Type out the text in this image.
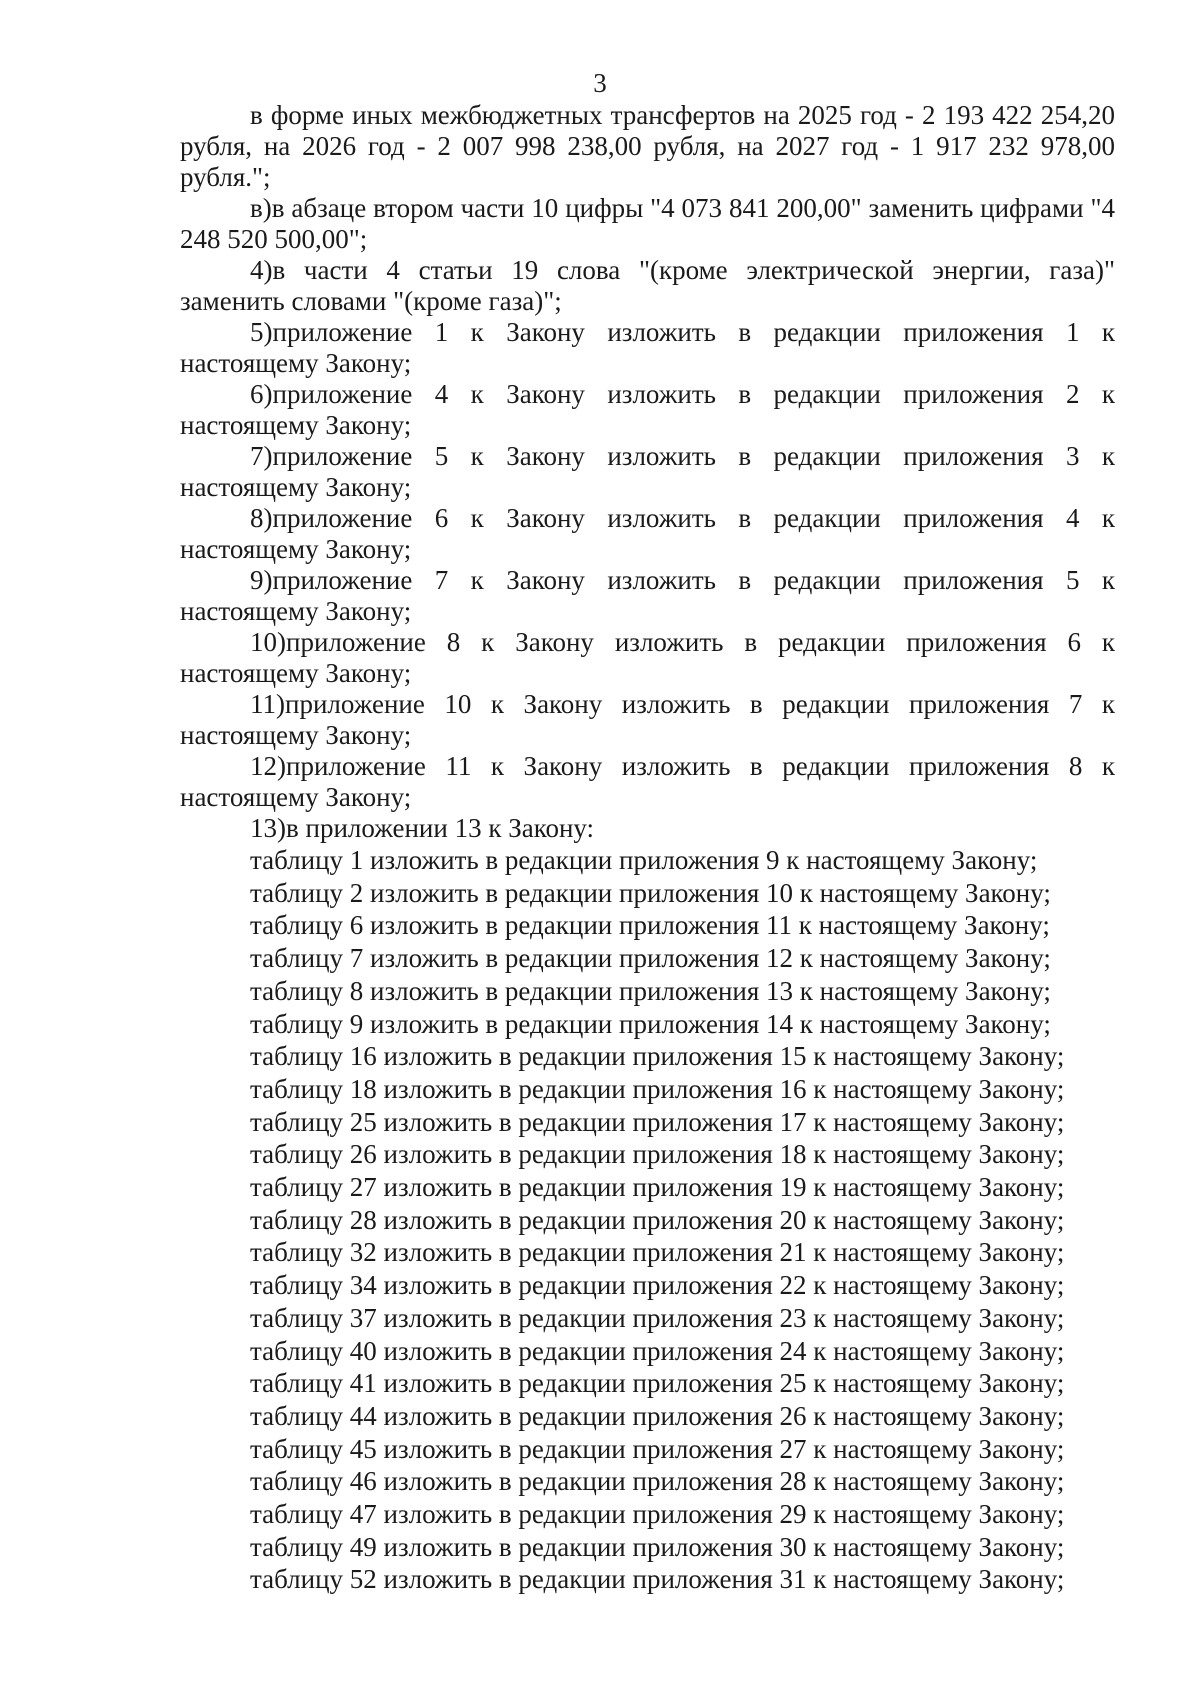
3

в форме иных межбюджетных трансфертов на 2025 год - 2 193 422 254,20 рубля, на 2026 год - 2 007 998 238,00 рубля, на 2027 год - 1 917 232 978,00 рубля.";

в)в абзаце втором части 10 цифры "4 073 841 200,00" заменить цифрами "4 248 520 500,00";

4)в части 4 статьи 19 слова "(кроме электрической энергии, газа)" заменить словами "(кроме газа)";

5)приложение 1 к Закону изложить в редакции приложения 1 к настоящему Закону;

6)приложение 4 к Закону изложить в редакции приложения 2 к настоящему Закону;

7)приложение 5 к Закону изложить в редакции приложения 3 к настоящему Закону;

8)приложение 6 к Закону изложить в редакции приложения 4 к настоящему Закону;

9)приложение 7 к Закону изложить в редакции приложения 5 к настоящему Закону;

10)приложение 8 к Закону изложить в редакции приложения 6 к настоящему Закону;

11)приложение 10 к Закону изложить в редакции приложения 7 к настоящему Закону;

12)приложение 11 к Закону изложить в редакции приложения 8 к настоящему Закону;

13)в приложении 13 к Закону:

таблицу 1 изложить в редакции приложения 9 к настоящему Закону;
таблицу 2 изложить в редакции приложения 10 к настоящему Закону;
таблицу 6 изложить в редакции приложения 11 к настоящему Закону;
таблицу 7 изложить в редакции приложения 12 к настоящему Закону;
таблицу 8 изложить в редакции приложения 13 к настоящему Закону;
таблицу 9 изложить в редакции приложения 14 к настоящему Закону;
таблицу 16 изложить в редакции приложения 15 к настоящему Закону;
таблицу 18 изложить в редакции приложения 16 к настоящему Закону;
таблицу 25 изложить в редакции приложения 17 к настоящему Закону;
таблицу 26 изложить в редакции приложения 18 к настоящему Закону;
таблицу 27 изложить в редакции приложения 19 к настоящему Закону;
таблицу 28 изложить в редакции приложения 20 к настоящему Закону;
таблицу 32 изложить в редакции приложения 21 к настоящему Закону;
таблицу 34 изложить в редакции приложения 22 к настоящему Закону;
таблицу 37 изложить в редакции приложения 23 к настоящему Закону;
таблицу 40 изложить в редакции приложения 24 к настоящему Закону;
таблицу 41 изложить в редакции приложения 25 к настоящему Закону;
таблицу 44 изложить в редакции приложения 26 к настоящему Закону;
таблицу 45 изложить в редакции приложения 27 к настоящему Закону;
таблицу 46 изложить в редакции приложения 28 к настоящему Закону;
таблицу 47 изложить в редакции приложения 29 к настоящему Закону;
таблицу 49 изложить в редакции приложения 30 к настоящему Закону;
таблицу 52 изложить в редакции приложения 31 к настоящему Закону;
